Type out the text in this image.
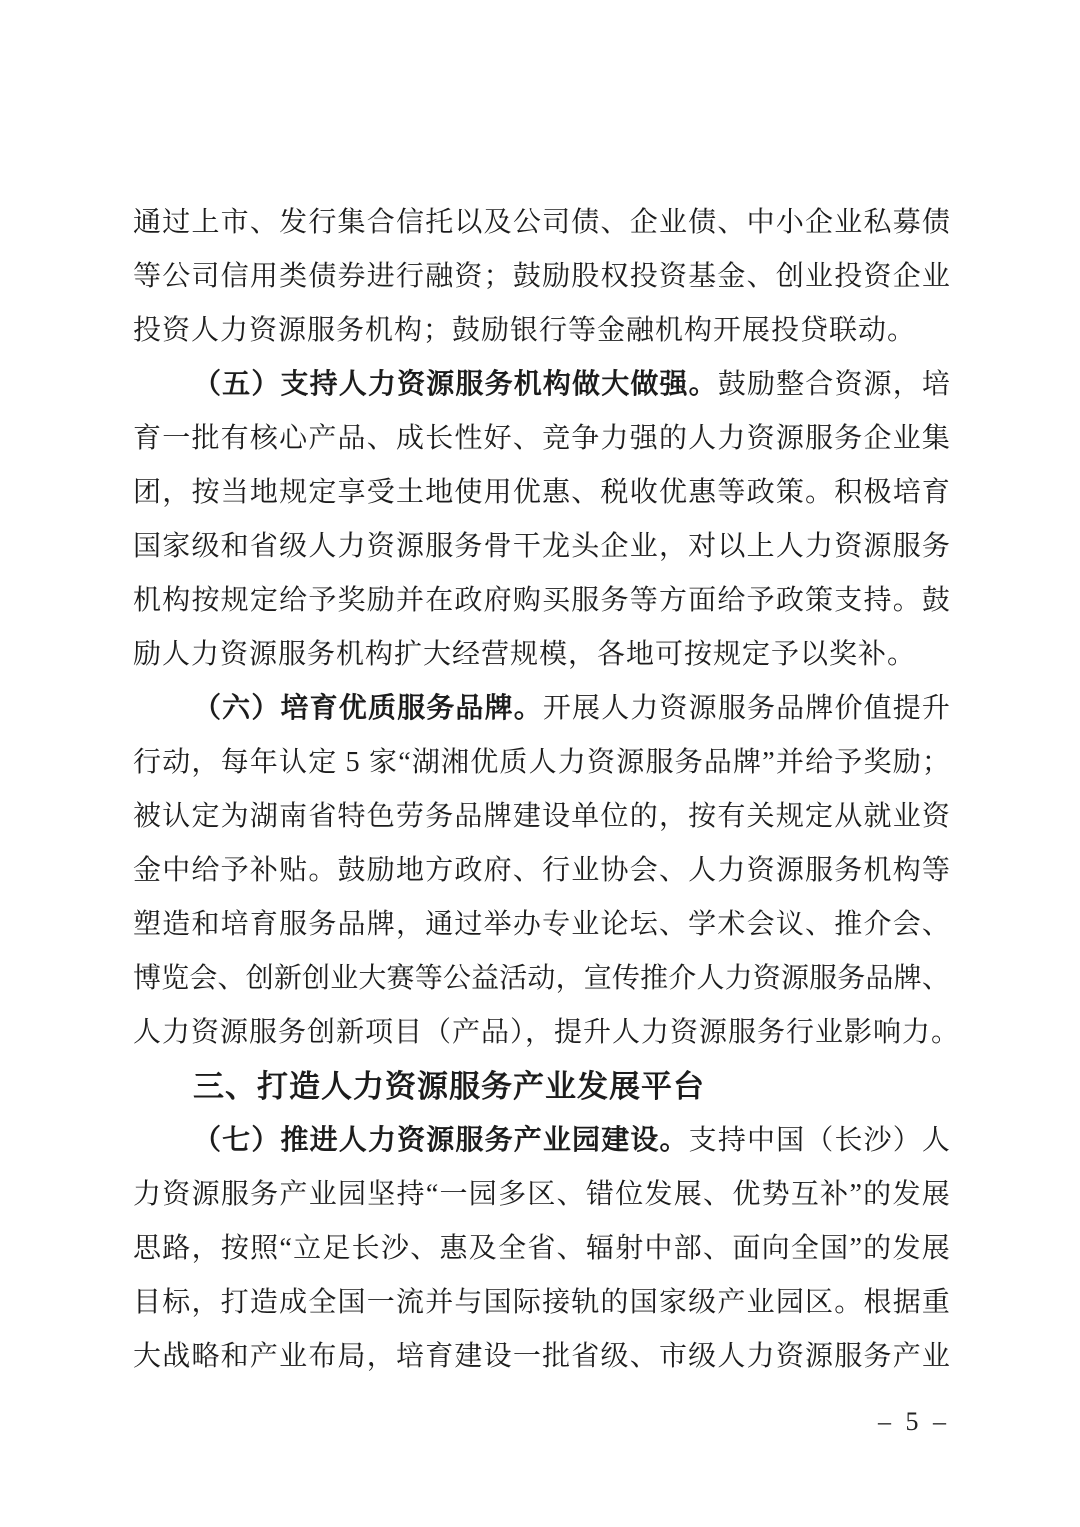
通 过 上 市 、 发 行 集 合 信 托 以 及 公 司 债 、 企 业 债 、 中 小 企 业 私 募 债
等 公 司 信 用 类 债 券 进 行 融 资 ； 鼓 励 股 权 投 资 基 金 、 创 业 投 资 企 业
投资人力资源服务机构；鼓励银行等金融机构开展投贷联动。
（ 五 ） 支 持 人 力 资 源 服 务 机 构 做 大 做 强 。 鼓 励 整 合 资 源 ， 培
育 一 批 有 核 心 产 品 、 成 长 性 好 、 竞 争 力 强 的 人 力 资 源 服 务 企 业 集
团 ， 按 当 地 规 定 享 受 土 地 使 用 优 惠 、 税 收 优 惠 等 政 策 。 积 极 培 育
国 家 级 和 省 级 人 力 资 源 服 务 骨 干 龙 头 企 业 ， 对 以 上 人 力 资 源 服 务
机 构 按 规 定 给 予 奖 励 并 在 政 府 购 买 服 务 等 方 面 给 予 政 策 支 持 。 鼓
励人力资源服务机构扩大经营规模，各地可按规定予以奖补。
（ 六 ） 培 育 优 质 服 务 品 牌 。 开 展 人 力 资 源 服 务 品 牌 价 值 提 升
行 动 ， 每 年 认 定
5
家 “ 湖 湘 优 质 人 力 资 源 服 务 品 牌 ” 并 给 予 奖 励 ；
被 认 定 为 湖 南 省 特 色 劳 务 品 牌 建 设 单 位 的 ， 按 有 关 规 定 从 就 业 资
金 中 给 予 补 贴 。 鼓 励 地 方 政 府 、 行 业 协 会 、 人 力 资 源 服 务 机 构 等
塑 造 和 培 育 服 务 品 牌 ， 通 过 举 办 专 业 论 坛 、 学 术 会 议 、 推 介 会 、
博 览 会 、 创 新 创 业 大 赛 等 公 益 活 动 ， 宣 传 推 介 人 力 资 源 服 务 品 牌 、
人力资源服务创新项目（产品），提升人力资源服务行业影响力。
三、打造人力资源服务产业发展平台
（ 七 ） 推 进 人 力 资 源 服 务 产 业 园 建 设 。 支 持 中 国 （ 长 沙 ） 人
力 资 源 服 务 产 业 园 坚 持 “ 一 园 多 区 、 错 位 发 展 、 优 势 互 补 ” 的 发 展
思 路 ， 按 照 “ 立 足 长 沙 、 惠 及 全 省 、 辐 射 中 部 、 面 向 全 国 ” 的 发 展
目 标 ， 打 造 成 全 国 一 流 并 与 国 际 接 轨 的 国 家 级 产 业 园 区 。 根 据 重
大 战 略 和 产 业 布 局 ， 培 育 建 设 一 批 省 级 、 市 级 人 力 资 源 服 务 产 业
– 5 –
